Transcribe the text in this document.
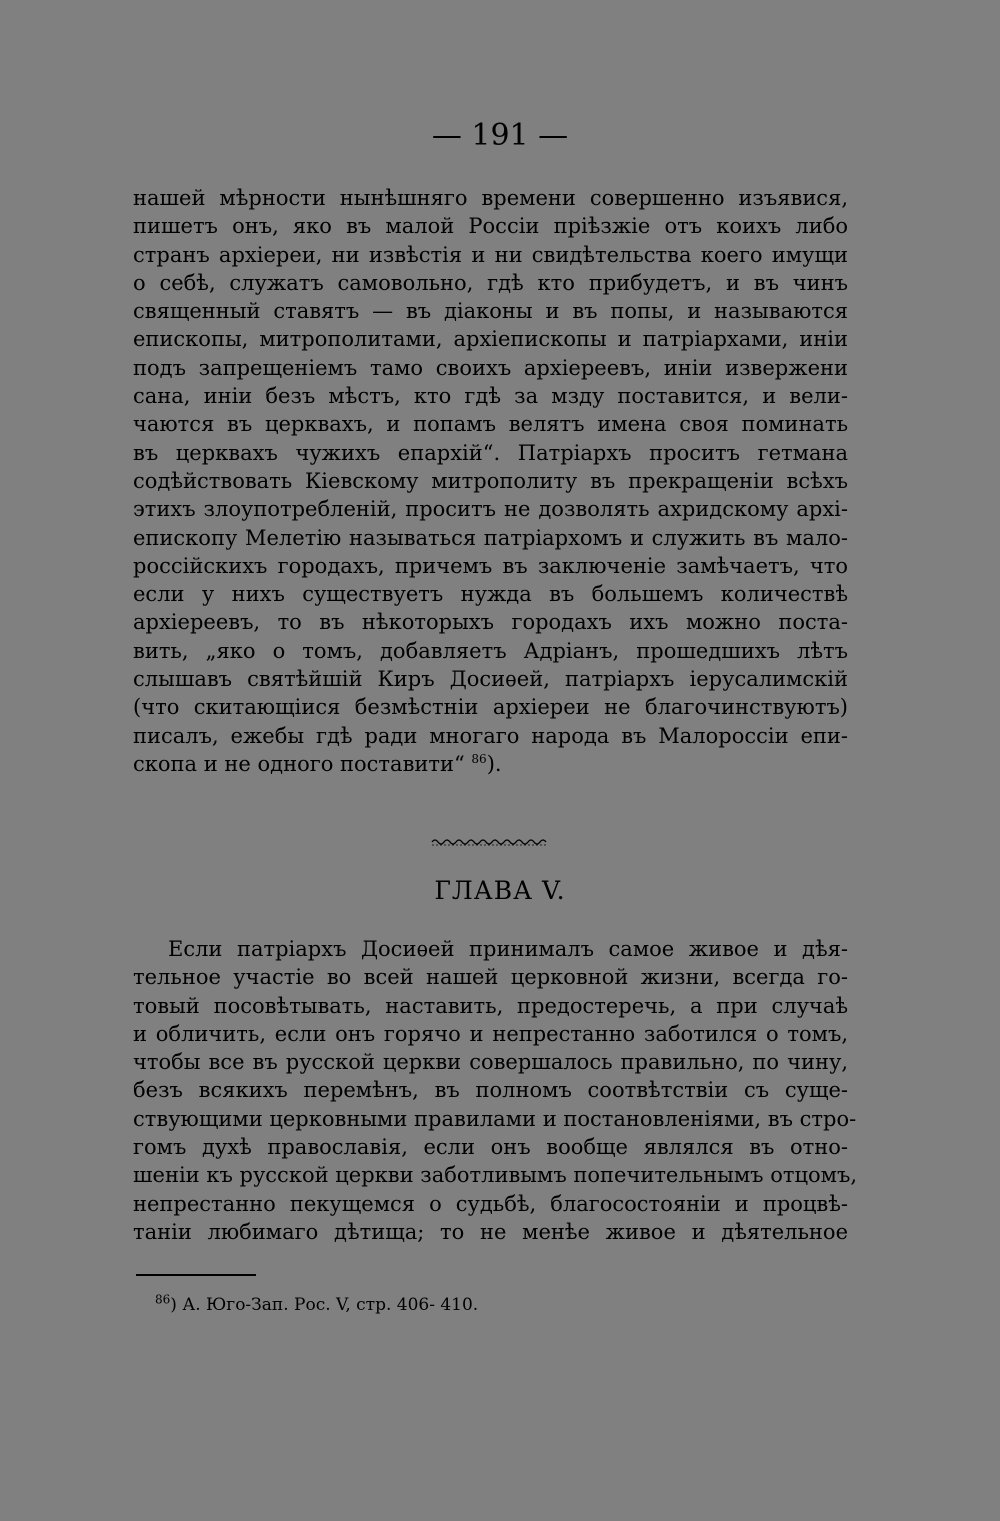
— 191 —
нашей мѣрности нынѣшняго времени совершенно изъявися,
пишетъ онъ, яко въ малой Россіи пріѣзжіе отъ коихъ либо
странъ архіереи, ни извѣстія и ни свидѣтельства коего имущи
о себѣ, служатъ самовольно, гдѣ кто прибудетъ, и въ чинъ
священный ставятъ — въ діаконы и въ попы, и называются
епископы, митрополитами, архіепископы и патріархами, иніи
подъ запрещеніемъ тамо своихъ архіереевъ, иніи извержени
сана, иніи безъ мѣстъ, кто гдѣ за мзду поставится, и вели-
чаются въ церквахъ, и попамъ велятъ имена своя поминать
въ церквахъ чужихъ епархій“. Патріархъ проситъ гетмана
содѣйствовать Кіевскому митрополиту въ прекращеніи всѣхъ
этихъ злоупотребленій, проситъ не дозволять ахридскому архі-
епископу Мелетію называться патріархомъ и служить въ мало-
россійскихъ городахъ, причемъ въ заключеніе замѣчаетъ, что
если у нихъ существуетъ нужда въ большемъ количествѣ
архіереевъ, то въ нѣкоторыхъ городахъ ихъ можно поста-
вить, „яко о томъ, добавляетъ Адріанъ, прошедшихъ лѣтъ
слышавъ святѣйшій Киръ Досиѳей, патріархъ іерусалимскій
(что скитающіися безмѣстніи архіереи не благочинствуютъ)
писалъ, ежебы гдѣ ради многаго народа въ Малороссіи епи-
скопа и не одного поставити“ $^{86}$).
ГЛАВА V.
Если патріархъ Досиѳей принималъ самое живое и дѣя-
тельное участіе во всей нашей церковной жизни, всегда го-
товый посовѣтывать, наставить, предостеречь, а при случаѣ
и обличить, если онъ горячо и непрестанно заботился о томъ,
чтобы все въ русской церкви совершалось правильно, по чину,
безъ всякихъ перемѣнъ, въ полномъ соотвѣтствіи съ суще-
ствующими церковными правилами и постановленіями, въ стро-
гомъ духѣ православія, если онъ вообще являлся въ отно-
шеніи къ русской церкви заботливымъ попечительнымъ отцомъ,
непрестанно пекущемся о судьбѣ, благосостояніи и процвѣ-
таніи любимаго дѣтища; то не менѣе живое и дѣятельное
$^{86}$) А. Юго-Зап. Рос. V, стр. 406- 410.
